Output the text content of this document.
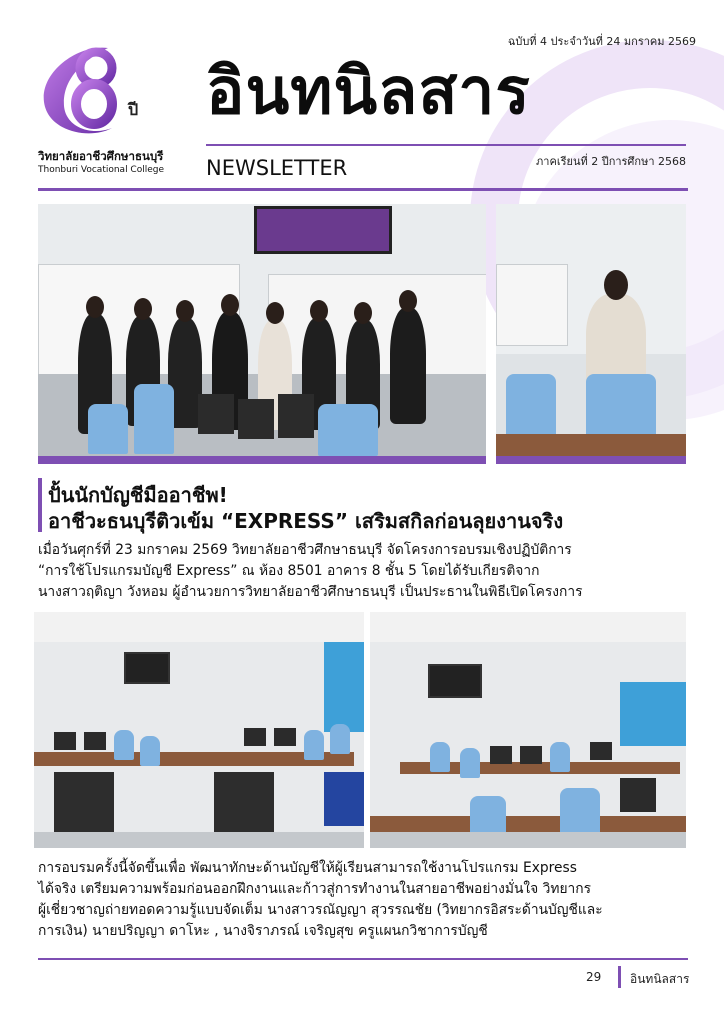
ฉบับที่ 4 ประจำวันที่ 24 มกราคม 2569
ปี
วิทยาลัยอาชีวศึกษาธนบุรี
Thonburi Vocational College
อินทนิลสาร
NEWSLETTER	ภาคเรียนที่ 2 ปีการศึกษา 2568
ปั้นนักบัญชีมืออาชีพ!
อาชีวะธนบุรีติวเข้ม “EXPRESS” เสริมสกิลก่อนลุยงานจริง
เมื่อวันศุกร์ที่ 23 มกราคม 2569 วิทยาลัยอาชีวศึกษาธนบุรี จัดโครงการอบรมเชิงปฏิบัติการ
“การใช้โปรแกรมบัญชี Express” ณ ห้อง 8501 อาคาร 8 ชั้น 5 โดยได้รับเกียรติจาก
นางสาวฤติญา วังหอม ผู้อำนวยการวิทยาลัยอาชีวศึกษาธนบุรี เป็นประธานในพิธีเปิดโครงการ
การอบรมครั้งนี้จัดขึ้นเพื่อ พัฒนาทักษะด้านบัญชีให้ผู้เรียนสามารถใช้งานโปรแกรม Express
ได้จริง เตรียมความพร้อมก่อนออกฝึกงานและก้าวสู่การทำงานในสายอาชีพอย่างมั่นใจ วิทยากร
ผู้เชี่ยวชาญถ่ายทอดความรู้แบบจัดเต็ม นางสาวรณัญญา สุวรรณชัย (วิทยากรอิสระด้านบัญชีและ
การเงิน) นายปริญญา ดาโหะ , นางจิราภรณ์ เจริญสุข ครูแผนกวิชาการบัญชี
29 อินทนิลสาร
